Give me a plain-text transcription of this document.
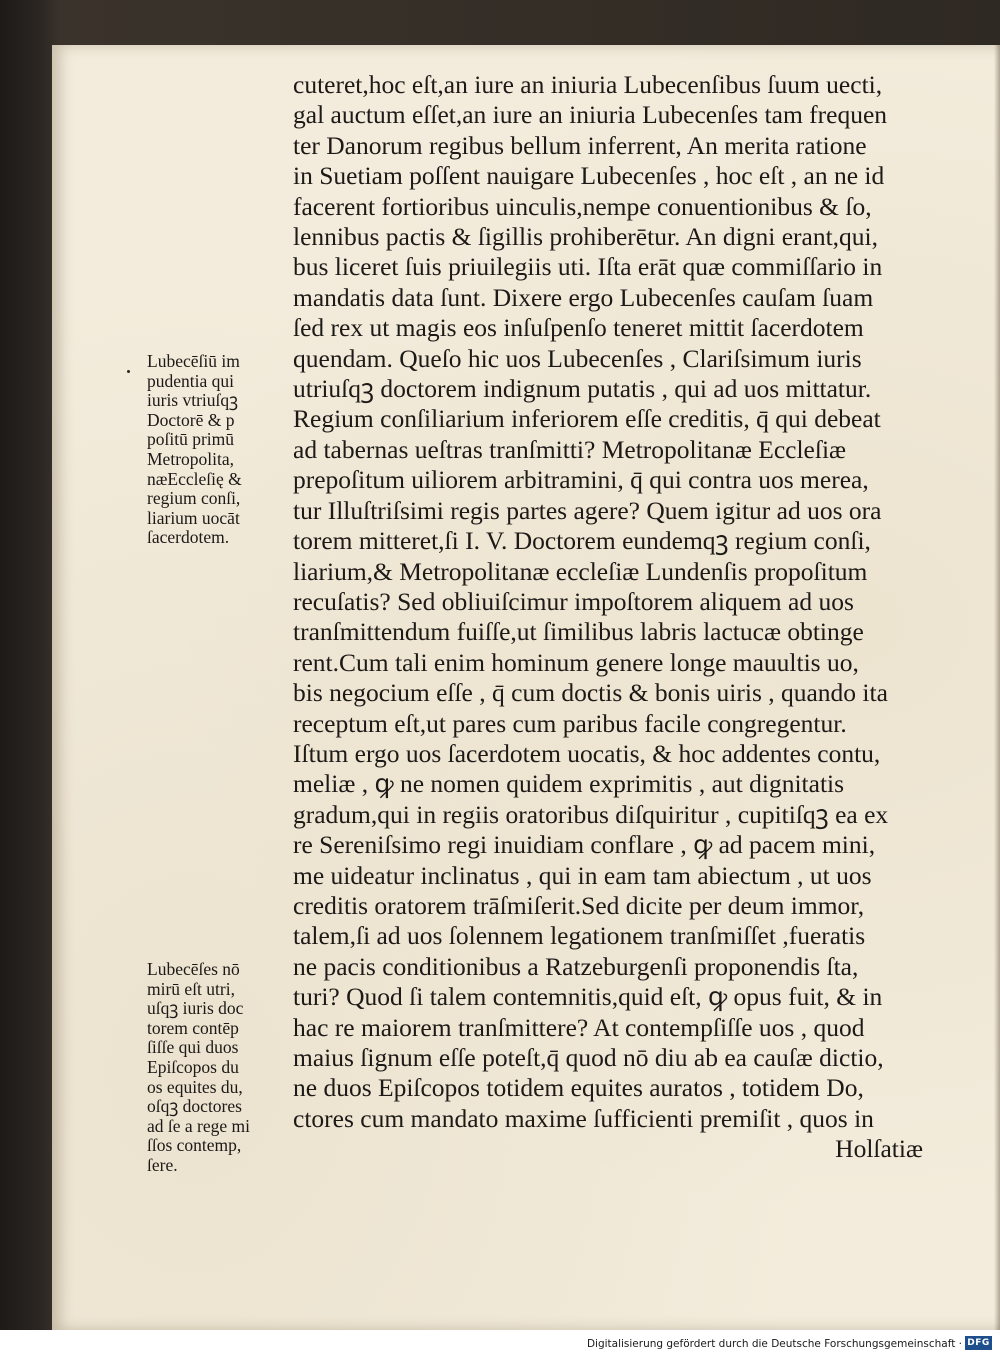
Lubecēſiū im
pudentia qui
iuris vtriuſqꝫ
Doctorē & p
poſitū primū
Metropolita,
næEccleſię &
regium conſi,
liarium uocāt
ſacerdotem.
Lubecēſes nō
mirū eſt utri,
uſqꝫ iuris doc
torem contēp
ſiſſe qui duos
Epiſcopos du
os equites du,
oſqꝫ doctores
ad ſe a rege mi
ſſos contemp,
ſere.
cuteret,hoc eſt,an iure an iniuria Lubecenſibus ſuum uecti,
gal auctum eſſet,an iure an iniuria Lubecenſes tam frequen
ter Danorum regibus bellum inferrent, An merita ratione
in Suetiam poſſent nauigare Lubecenſes , hoc eſt , an ne id
facerent fortioribus uinculis,nempe conuentionibus & ſo,
lennibus pactis & ſigillis prohiberētur. An digni erant,qui,
bus liceret ſuis priuilegiis uti. Iſta erāt quæ commiſſario in
mandatis data ſunt. Dixere ergo Lubecenſes cauſam ſuam
ſed rex ut magis eos inſuſpenſo teneret mittit ſacerdotem
quendam. Queſo hic uos Lubecenſes , Clariſsimum iuris
utriuſqꝫ doctorem indignum putatis , qui ad uos mittatur.
Regium conſiliarium inferiorem eſſe creditis, q̄ qui debeat
ad tabernas ueſtras tranſmitti? Metropolitanæ Eccleſiæ
prepoſitum uiliorem arbitramini, q̄ qui contra uos merea,
tur Illuſtriſsimi regis partes agere? Quem igitur ad uos ora
torem mitteret,ſi I. V. Doctorem eundemqꝫ regium conſi,
liarium,& Metropolitanæ eccleſiæ Lundenſis propoſitum
recuſatis? Sed obliuiſcimur impoſtorem aliquem ad uos
tranſmittendum fuiſſe,ut ſimilibus labris lactucæ obtinge
rent.Cum tali enim hominum genere longe mauultis uo,
bis negocium eſſe , q̄ cum doctis & bonis uiris , quando ita
receptum eſt,ut pares cum paribus facile congregentur.
Iſtum ergo uos ſacerdotem uocatis, & hoc addentes contu,
meliæ , ꝙ ne nomen quidem exprimitis , aut dignitatis
gradum,qui in regiis oratoribus diſquiritur , cupitiſqꝫ ea ex
re Sereniſsimo regi inuidiam conflare , ꝙ ad pacem mini,
me uideatur inclinatus , qui in eam tam abiectum , ut uos
creditis oratorem trāſmiſerit.Sed dicite per deum immor,
talem,ſi ad uos ſolennem legationem tranſmiſſet ,fueratis
ne pacis conditionibus a Ratzeburgenſi proponendis ſta,
turi? Quod ſi talem contemnitis,quid eſt, ꝙ opus fuit, & in
hac re maiorem tranſmittere? At contempſiſſe uos , quod
maius ſignum eſſe poteſt,q̄ quod nō diu ab ea cauſæ dictio,
ne duos Epiſcopos totidem equites auratos , totidem Do,
ctores cum mandato maxime ſufficienti premiſit , quos in
Holſatiæ
Digitalisierung gefördert durch die Deutsche Forschungsgemeinschaft · DFG
